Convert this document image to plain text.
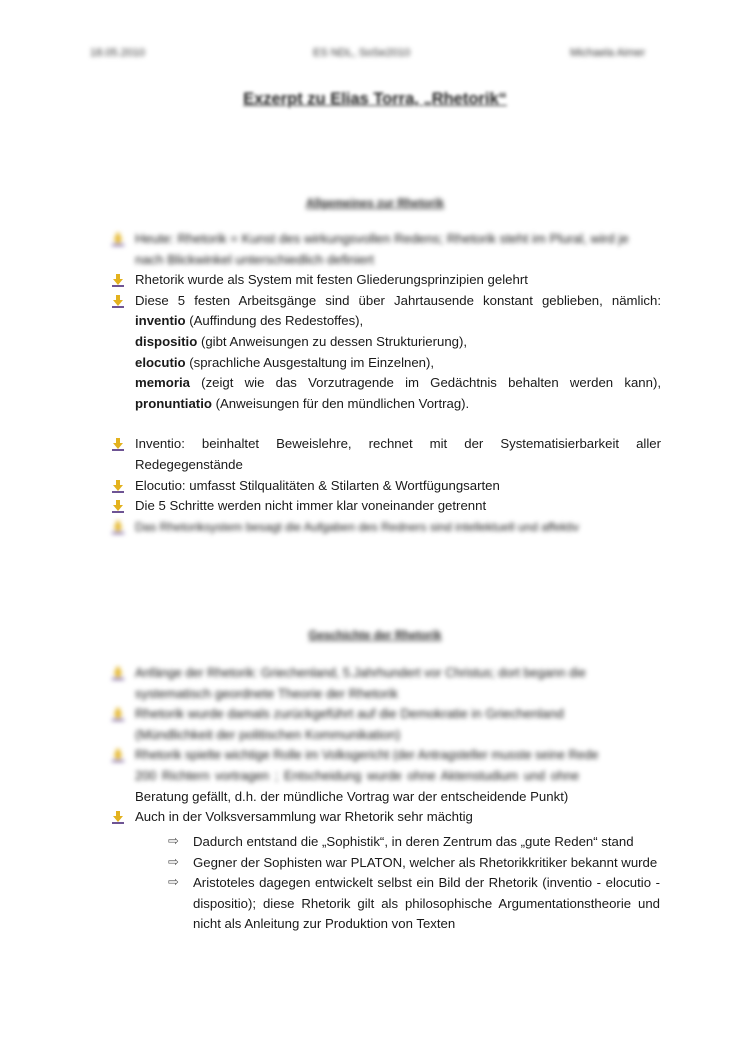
18.05.2010	ES NDL, SoSe2010	Michaela Aimer
Exzerpt zu Elias Torra, „Rhetorik“
Allgemeines zur Rhetorik
Heute: Rhetorik = Kunst des wirkungsvollen Redens; Rhetorik steht im Plural, wird je
nach Blickwinkel unterschiedlich definiert
Rhetorik wurde als System mit festen Gliederungsprinzipien gelehrt
Diese 5 festen Arbeitsgänge sind über Jahrtausende konstant geblieben, nämlich:
inventio (Auffindung des Redestoffes),
dispositio (gibt Anweisungen zu dessen Strukturierung),
elocutio (sprachliche Ausgestaltung im Einzelnen),
memoria (zeigt wie das Vorzutragende im Gedächtnis behalten werden kann),
pronuntiatio (Anweisungen für den mündlichen Vortrag).
Inventio: beinhaltet Beweislehre, rechnet mit der Systematisierbarkeit aller
Redegegenstände
Elocutio: umfasst Stilqualitäten & Stilarten & Wortfügungsarten
Die 5 Schritte werden nicht immer klar voneinander getrennt
Das Rhetoriksystem besagt die Aufgaben des Redners sind intellektuell und affektiv
Geschichte der Rhetorik
Anfänge der Rhetorik: Griechenland, 5.Jahrhundert vor Christus; dort begann die
systematisch geordnete Theorie der Rhetorik
Rhetorik wurde damals zurückgeführt auf die Demokratie in Griechenland
(Mündlichkeit der politischen Kommunikation)
Rhetorik spielte wichtige Rolle im Volksgericht (der Antragsteller musste seine Rede
200 Richtern vortragen ; Entscheidung wurde ohne Aktenstudium und ohne
Beratung gefällt, d.h. der mündliche Vortrag war der entscheidende Punkt)
Auch in der Volksversammlung war Rhetorik sehr mächtig
⇨ Dadurch entstand die „Sophistik“, in deren Zentrum das „gute Reden“ stand
⇨ Gegner der Sophisten war PLATON, welcher als Rhetorikkritiker bekannt wurde
⇨ Aristoteles dagegen entwickelt selbst ein Bild der Rhetorik (inventio - elocutio - dispositio); diese Rhetorik gilt als philosophische Argumentationstheorie und nicht als Anleitung zur Produktion von Texten
